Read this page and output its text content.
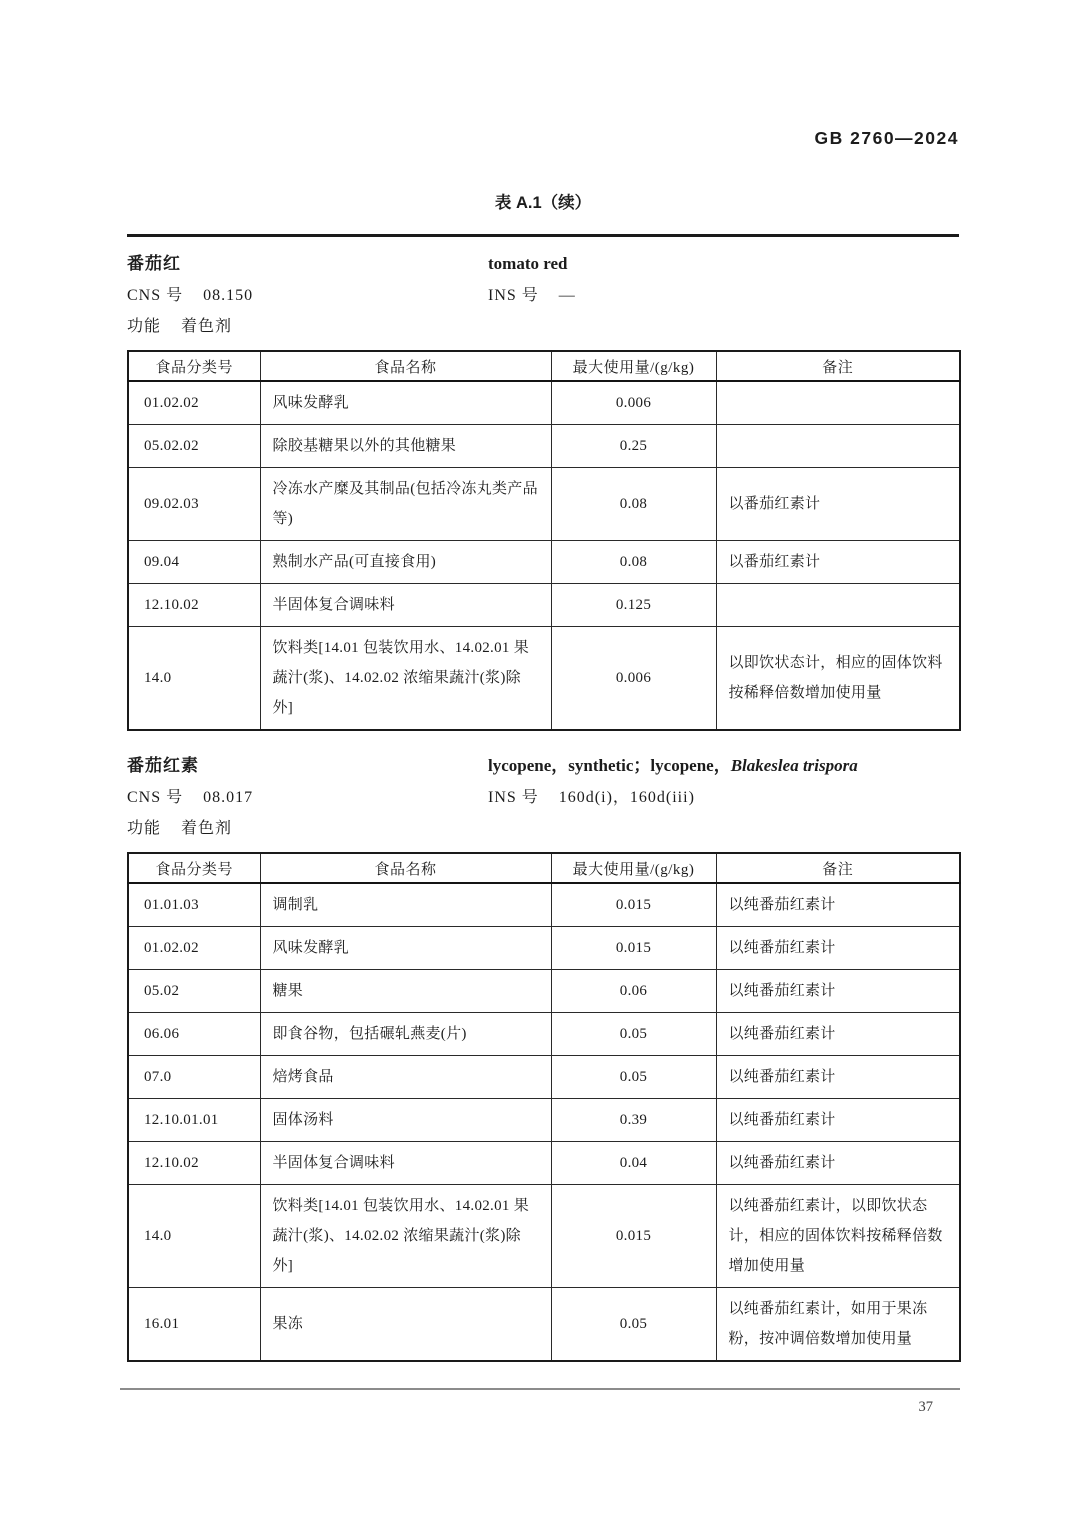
GB 2760—2024
表 A.1（续）
番茄红	tomato red
CNS 号 08.150	INS 号 —
功能 着色剂
食品分类号	食品名称	最大使用量/(g/kg)	备注
01.02.02	风味发酵乳	0.006	
05.02.02	除胶基糖果以外的其他糖果	0.25	
09.02.03	冷冻水产糜及其制品(包括冷冻丸类产品等)	0.08	以番茄红素计
09.04	熟制水产品(可直接食用)	0.08	以番茄红素计
12.10.02	半固体复合调味料	0.125	
14.0	饮料类[14.01 包装饮用水、14.02.01 果蔬汁(浆)、14.02.02 浓缩果蔬汁(浆)除外]	0.006	以即饮状态计，相应的固体饮料按稀释倍数增加使用量
番茄红素	lycopene，synthetic；lycopene，Blakeslea trispora
CNS 号 08.017	INS 号 160d(i)，160d(iii)
功能 着色剂
食品分类号	食品名称	最大使用量/(g/kg)	备注
01.01.03	调制乳	0.015	以纯番茄红素计
01.02.02	风味发酵乳	0.015	以纯番茄红素计
05.02	糖果	0.06	以纯番茄红素计
06.06	即食谷物，包括碾轧燕麦(片)	0.05	以纯番茄红素计
07.0	焙烤食品	0.05	以纯番茄红素计
12.10.01.01	固体汤料	0.39	以纯番茄红素计
12.10.02	半固体复合调味料	0.04	以纯番茄红素计
14.0	饮料类[14.01 包装饮用水、14.02.01 果蔬汁(浆)、14.02.02 浓缩果蔬汁(浆)除外]	0.015	以纯番茄红素计，以即饮状态计，相应的固体饮料按稀释倍数增加使用量
16.01	果冻	0.05	以纯番茄红素计，如用于果冻粉，按冲调倍数增加使用量
37
